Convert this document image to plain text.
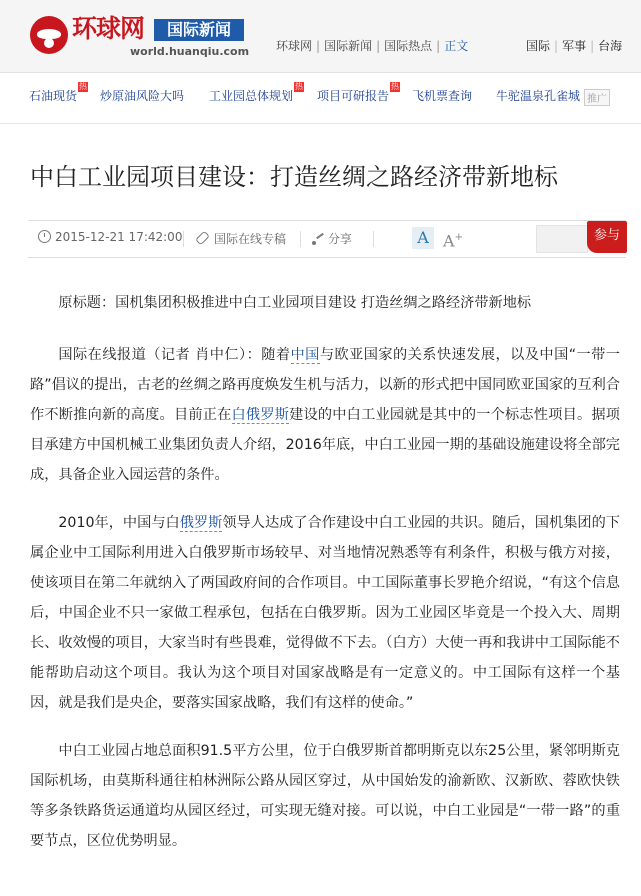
环球网	国际新闻
world.huanqiu.com 环球网 | 国际新闻 | 国际热点 | 正文	国际 | 军事 | 台海
石油现货
热
炒原油风险大吗 工业园总体规划
热
项目可研报告
热
飞机票查询 牛驼温泉孔雀城 推广
中白工业园项目建设：打造丝绸之路经济带新地标
2015-12-21 17:42:00	国际在线专稿	分享	A A+	参与

原标题：国机集团积极推进中白工业园项目建设 打造丝绸之路经济带新地标

国际在线报道（记者 肖中仁）：随着中国与欧亚国家的关系快速发展，以及中国“一带一路”倡议的提出，古老的丝绸之路再度焕发生机与活力，以新的形式把中国同欧亚国家的互利合作不断推向新的高度。目前正在白俄罗斯建设的中白工业园就是其中的一个标志性项目。据项目承建方中国机械工业集团负责人介绍，2016年底，中白工业园一期的基础设施建设将全部完成，具备企业入园运营的条件。

2010年，中国与白俄罗斯领导人达成了合作建设中白工业园的共识。随后，国机集团的下属企业中工国际利用进入白俄罗斯市场较早、对当地情况熟悉等有利条件，积极与俄方对接，使该项目在第二年就纳入了两国政府间的合作项目。中工国际董事长罗艳介绍说，“有这个信息后，中国企业不只一家做工程承包，包括在白俄罗斯。因为工业园区毕竟是一个投入大、周期长、收效慢的项目，大家当时有些畏难，觉得做不下去。（白方）大使一再和我讲中工国际能不能帮助启动这个项目。我认为这个项目对国家战略是有一定意义的。中工国际有这样一个基因，就是我们是央企，要落实国家战略，我们有这样的使命。”

中白工业园占地总面积91.5平方公里，位于白俄罗斯首都明斯克以东25公里，紧邻明斯克国际机场，由莫斯科通往柏林洲际公路从园区穿过，从中国始发的渝新欧、汉新欧、蓉欧快铁等多条铁路货运通道均从园区经过，可实现无缝对接。可以说，中白工业园是“一带一路”的重要节点，区位优势明显。
